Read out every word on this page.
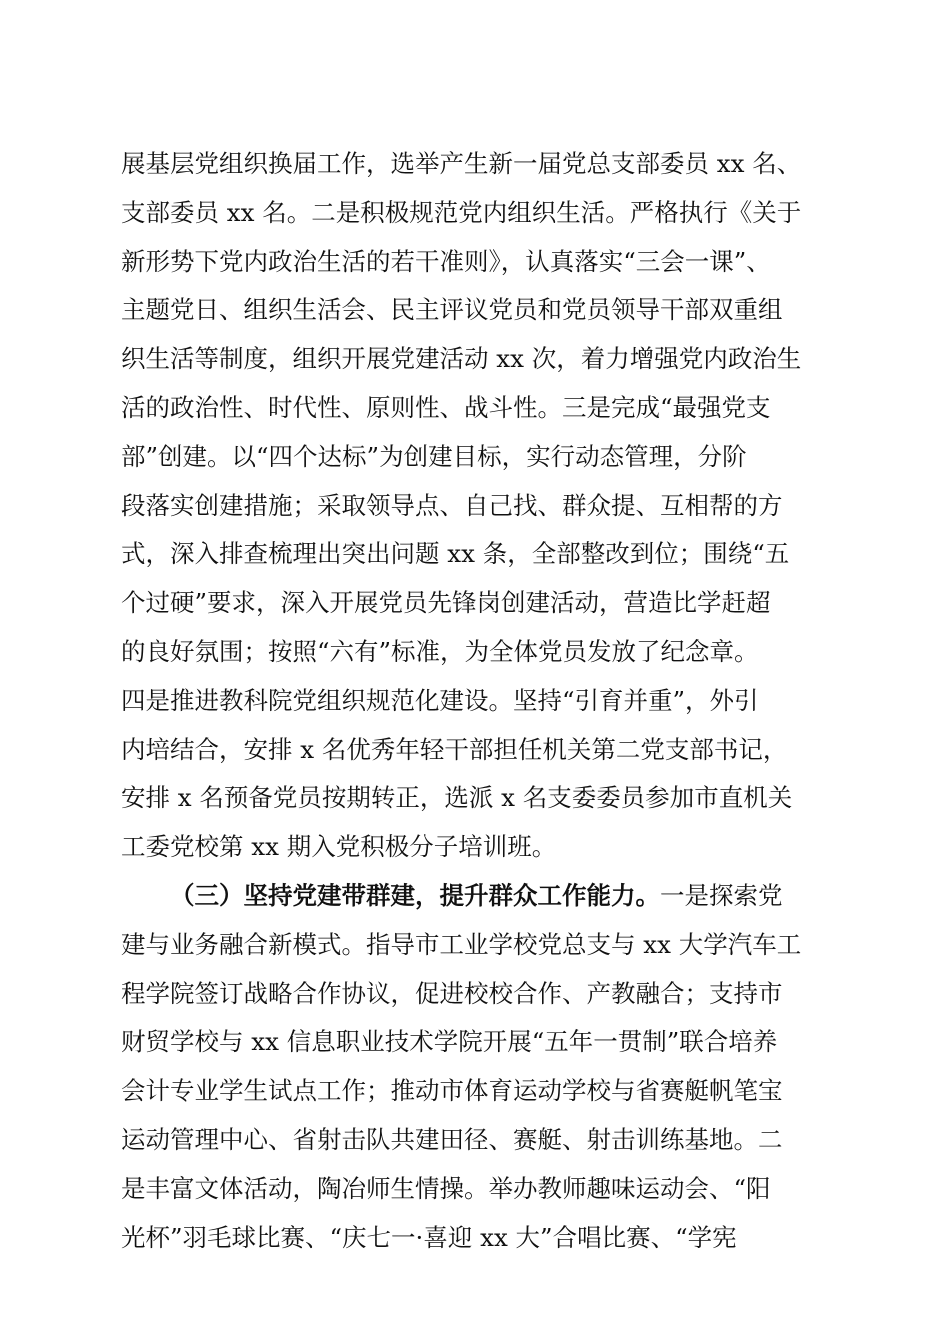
展基层党组织换届工作，选举产生新一届党总支部委员 xx 名、
支部委员 xx 名。二是积极规范党内组织生活。严格执行《关于
新形势下党内政治生活的若干准则》，认真落实“三会一课”、
主题党日、组织生活会、民主评议党员和党员领导干部双重组
织生活等制度，组织开展党建活动 xx 次，着力增强党内政治生
活的政治性、时代性、原则性、战斗性。三是完成“最强党支
部”创建。以“四个达标”为创建目标，实行动态管理，分阶
段落实创建措施；采取领导点、自己找、群众提、互相帮的方
式，深入排查梳理出突出问题 xx 条，全部整改到位；围绕“五
个过硬”要求，深入开展党员先锋岗创建活动，营造比学赶超
的良好氛围；按照“六有”标准，为全体党员发放了纪念章。
四是推进教科院党组织规范化建设。坚持“引育并重”，外引
内培结合，安排 x 名优秀年轻干部担任机关第二党支部书记，
安排 x 名预备党员按期转正，选派 x 名支委委员参加市直机关
工委党校第 xx 期入党积极分子培训班。
（三）坚持党建带群建，提升群众工作能力。一是探索党
建与业务融合新模式。指导市工业学校党总支与 xx 大学汽车工
程学院签订战略合作协议，促进校校合作、产教融合；支持市
财贸学校与 xx 信息职业技术学院开展“五年一贯制”联合培养
会计专业学生试点工作；推动市体育运动学校与省赛艇帆笔宝
运动管理中心、省射击队共建田径、赛艇、射击训练基地。二
是丰富文体活动，陶冶师生情操。举办教师趣味运动会、“阳
光杯”羽毛球比赛、“庆七一·喜迎 xx 大”合唱比赛、“学宪
